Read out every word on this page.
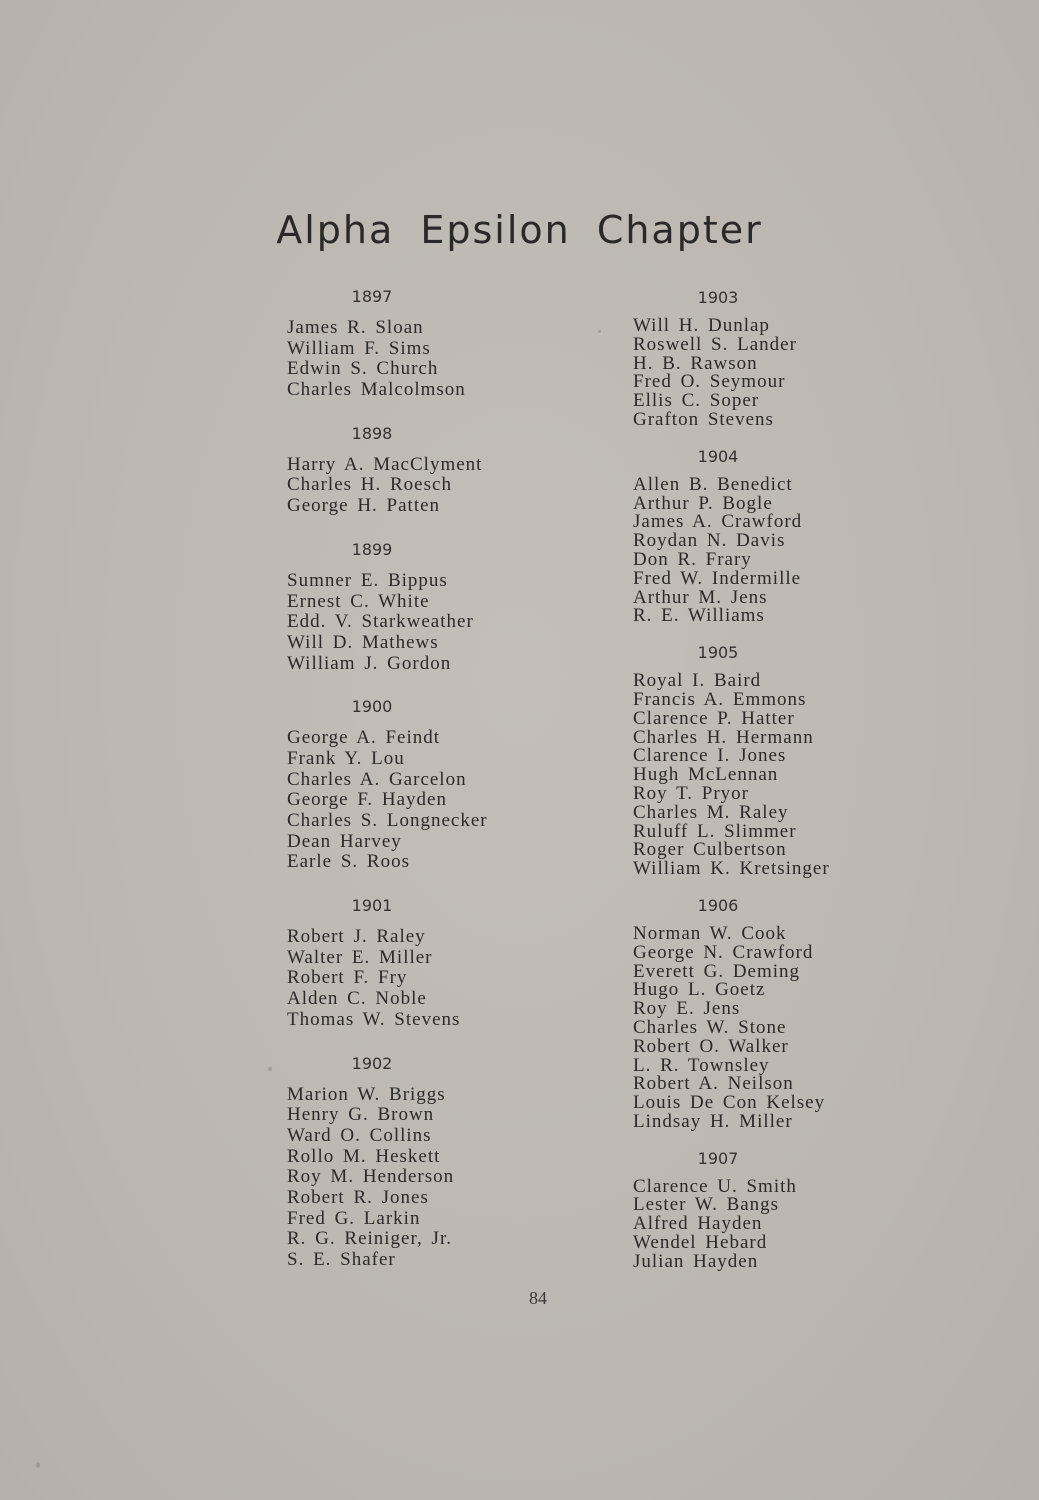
Alpha Epsilon Chapter
1897
James R. Sloan
William F. Sims
Edwin S. Church
Charles Malcolmson
1898
Harry A. MacClyment
Charles H. Roesch
George H. Patten
1899
Sumner E. Bippus
Ernest C. White
Edd. V. Starkweather
Will D. Mathews
William J. Gordon
1900
George A. Feindt
Frank Y. Lou
Charles A. Garcelon
George F. Hayden
Charles S. Longnecker
Dean Harvey
Earle S. Roos
1901
Robert J. Raley
Walter E. Miller
Robert F. Fry
Alden C. Noble
Thomas W. Stevens
1902
Marion W. Briggs
Henry G. Brown
Ward O. Collins
Rollo M. Heskett
Roy M. Henderson
Robert R. Jones
Fred G. Larkin
R. G. Reiniger, Jr.
S. E. Shafer
1903
Will H. Dunlap
Roswell S. Lander
H. B. Rawson
Fred O. Seymour
Ellis C. Soper
Grafton Stevens
1904
Allen B. Benedict
Arthur P. Bogle
James A. Crawford
Roydan N. Davis
Don R. Frary
Fred W. Indermille
Arthur M. Jens
R. E. Williams
1905
Royal I. Baird
Francis A. Emmons
Clarence P. Hatter
Charles H. Hermann
Clarence I. Jones
Hugh McLennan
Roy T. Pryor
Charles M. Raley
Ruluff L. Slimmer
Roger Culbertson
William K. Kretsinger
1906
Norman W. Cook
George N. Crawford
Everett G. Deming
Hugo L. Goetz
Roy E. Jens
Charles W. Stone
Robert O. Walker
L. R. Townsley
Robert A. Neilson
Louis De Con Kelsey
Lindsay H. Miller
1907
Clarence U. Smith
Lester W. Bangs
Alfred Hayden
Wendel Hebard
Julian Hayden
84
